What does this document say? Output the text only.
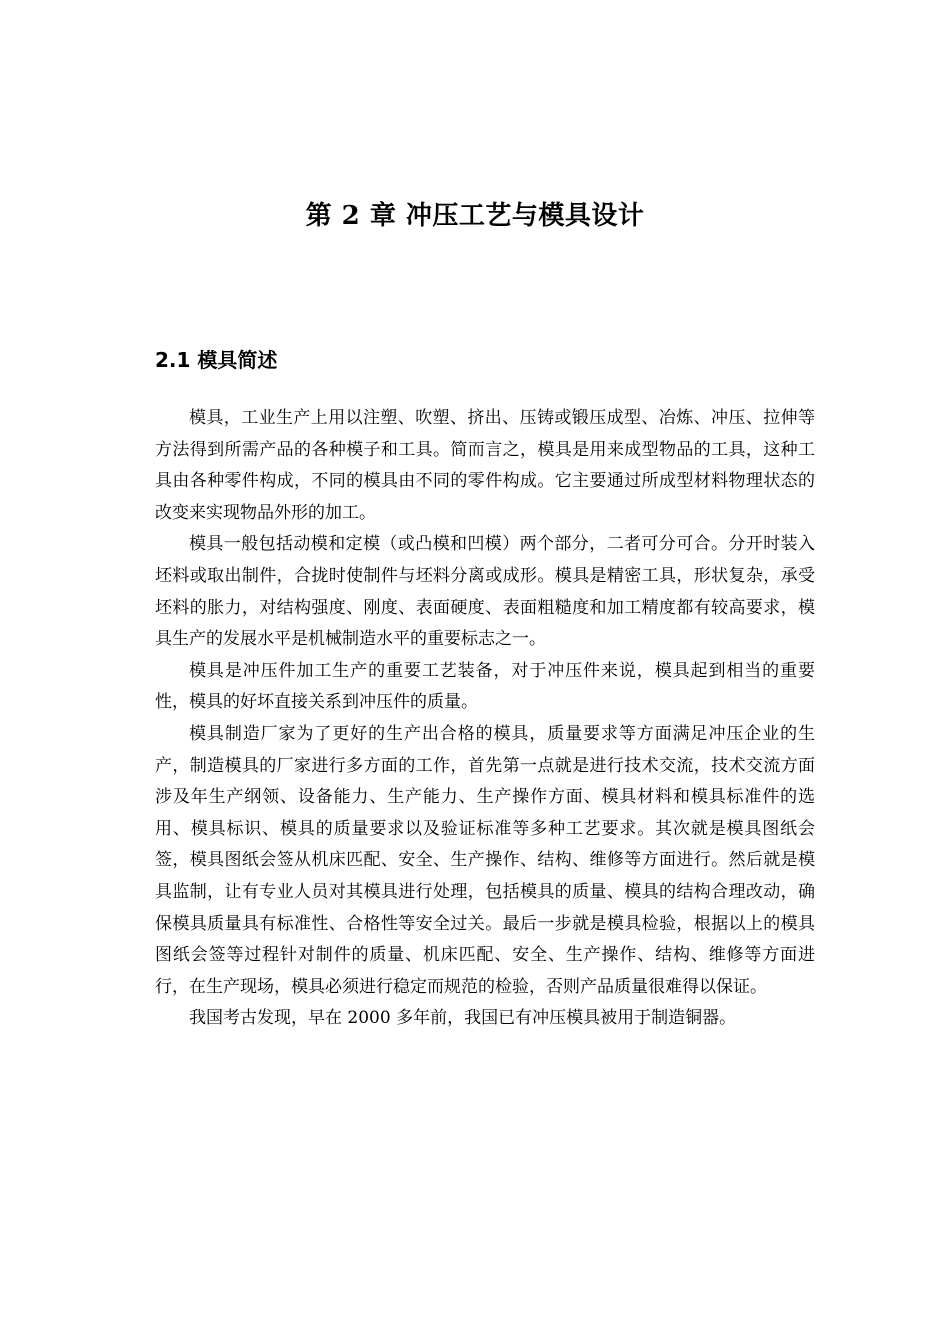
第 2 章 冲压工艺与模具设计
2.1 模具简述

模具，工业生产上用以注塑、吹塑、挤出、压铸或锻压成型、冶炼、冲压、拉伸等方法得到所需产品的各种模子和工具。简而言之，模具是用来成型物品的工具，这种工具由各种零件构成，不同的模具由不同的零件构成。它主要通过所成型材料物理状态的改变来实现物品外形的加工。

模具一般包括动模和定模（或凸模和凹模）两个部分，二者可分可合。分开时装入坯料或取出制件，合拢时使制件与坯料分离或成形。模具是精密工具，形状复杂，承受坯料的胀力，对结构强度、刚度、表面硬度、表面粗糙度和加工精度都有较高要求，模具生产的发展水平是机械制造水平的重要标志之一。

模具是冲压件加工生产的重要工艺装备，对于冲压件来说，模具起到相当的重要性，模具的好坏直接关系到冲压件的质量。

模具制造厂家为了更好的生产出合格的模具，质量要求等方面满足冲压企业的生产，制造模具的厂家进行多方面的工作，首先第一点就是进行技术交流，技术交流方面涉及年生产纲领、设备能力、生产能力、生产操作方面、模具材料和模具标准件的选用、模具标识、模具的质量要求以及验证标准等多种工艺要求。其次就是模具图纸会签，模具图纸会签从机床匹配、安全、生产操作、结构、维修等方面进行。然后就是模具监制，让有专业人员对其模具进行处理，包括模具的质量、模具的结构合理改动，确保模具质量具有标准性、合格性等安全过关。最后一步就是模具检验，根据以上的模具图纸会签等过程针对制件的质量、机床匹配、安全、生产操作、结构、维修等方面进行，在生产现场，模具必须进行稳定而规范的检验，否则产品质量很难得以保证。

我国考古发现，早在 2000 多年前，我国已有冲压模具被用于制造铜器。
